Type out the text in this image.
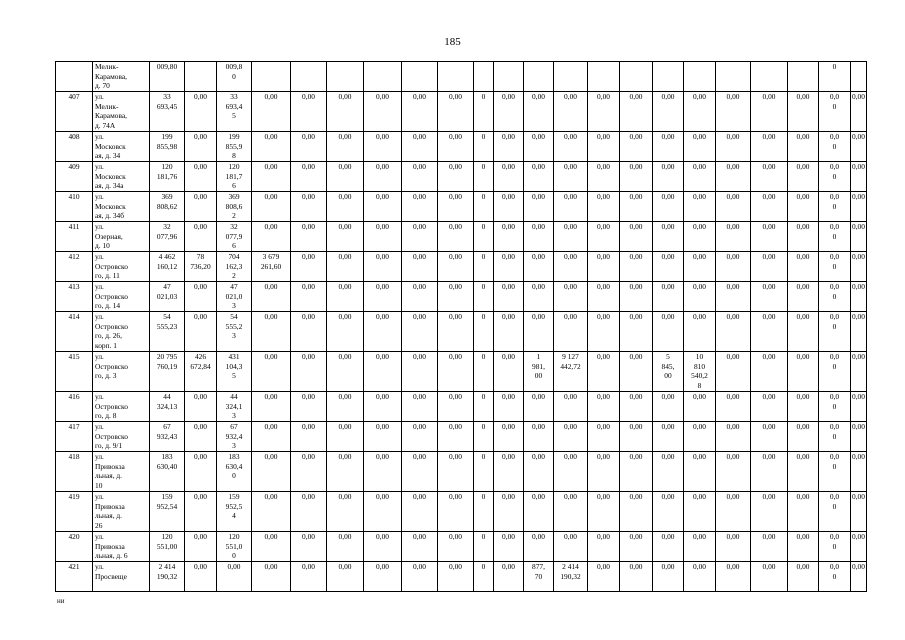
185
	Мелик-
Карамова,
д. 70	009,80		009,8
0																		0	
407	ул.
Мелик-
Карамова,
д. 74А	33
693,45	0,00	33
693,4
5	0,00	0,00	0,00	0,00	0,00	0,00	0	0,00	0,00	0,00	0,00	0,00	0,00	0,00	0,00	0,00	0,00	0,0
0	0,00
408	ул.
Московск
ая, д. 34	199
855,98	0,00	199
855,9
8	0,00	0,00	0,00	0,00	0,00	0,00	0	0,00	0,00	0,00	0,00	0,00	0,00	0,00	0,00	0,00	0,00	0,0
0	0,00
409	ул.
Московск
ая, д. 34а	120
181,76	0,00	120
181,7
6	0,00	0,00	0,00	0,00	0,00	0,00	0	0,00	0,00	0,00	0,00	0,00	0,00	0,00	0,00	0,00	0,00	0,0
0	0,00
410	ул.
Московск
ая, д. 34б	369
808,62	0,00	369
808,6
2	0,00	0,00	0,00	0,00	0,00	0,00	0	0,00	0,00	0,00	0,00	0,00	0,00	0,00	0,00	0,00	0,00	0,0
0	0,00
411	ул.
Озерная,
д. 10	32
077,96	0,00	32
077,9
6	0,00	0,00	0,00	0,00	0,00	0,00	0	0,00	0,00	0,00	0,00	0,00	0,00	0,00	0,00	0,00	0,00	0,0
0	0,00
412	ул.
Островско
го, д. 11	4 462
160,12	78
736,20	704
162,3
2	3 679
261,60	0,00	0,00	0,00	0,00	0,00	0	0,00	0,00	0,00	0,00	0,00	0,00	0,00	0,00	0,00	0,00	0,0
0	0,00
413	ул.
Островско
го, д. 14	47
021,03	0,00	47
021,0
3	0,00	0,00	0,00	0,00	0,00	0,00	0	0,00	0,00	0,00	0,00	0,00	0,00	0,00	0,00	0,00	0,00	0,0
0	0,00
414	ул.
Островско
го, д. 26,
корп. 1	54
555,23	0,00	54
555,2
3	0,00	0,00	0,00	0,00	0,00	0,00	0	0,00	0,00	0,00	0,00	0,00	0,00	0,00	0,00	0,00	0,00	0,0
0	0,00
415	ул.
Островско
го, д. 3	20 795
760,19	426
672,84	431
104,3
5	0,00	0,00	0,00	0,00	0,00	0,00	0	0,00	1
981,
00	9 127
442,72	0,00	0,00	5
845,
00	10
810
540,2
8	0,00	0,00	0,00	0,0
0	0,00
416	ул.
Островско
го, д. 8	44
324,13	0,00	44
324,1
3	0,00	0,00	0,00	0,00	0,00	0,00	0	0,00	0,00	0,00	0,00	0,00	0,00	0,00	0,00	0,00	0,00	0,0
0	0,00
417	ул.
Островско
го, д. 9/1	67
932,43	0,00	67
932,4
3	0,00	0,00	0,00	0,00	0,00	0,00	0	0,00	0,00	0,00	0,00	0,00	0,00	0,00	0,00	0,00	0,00	0,0
0	0,00
418	ул.
Привокза
льная, д.
10	183
630,40	0,00	183
630,4
0	0,00	0,00	0,00	0,00	0,00	0,00	0	0,00	0,00	0,00	0,00	0,00	0,00	0,00	0,00	0,00	0,00	0,0
0	0,00
419	ул.
Привокза
льная, д.
26	159
952,54	0,00	159
952,5
4	0,00	0,00	0,00	0,00	0,00	0,00	0	0,00	0,00	0,00	0,00	0,00	0,00	0,00	0,00	0,00	0,00	0,0
0	0,00
420	ул.
Привокза
льная, д. 6	120
551,00	0,00	120
551,0
0	0,00	0,00	0,00	0,00	0,00	0,00	0	0,00	0,00	0,00	0,00	0,00	0,00	0,00	0,00	0,00	0,00	0,0
0	0,00
421	ул.
Просвеще	2 414
190,32	0,00	0,00	0,00	0,00	0,00	0,00	0,00	0,00	0	0,00	877,
70	2 414
190,32	0,00	0,00	0,00	0,00	0,00	0,00	0,00	0,0
0	0,00
ни
